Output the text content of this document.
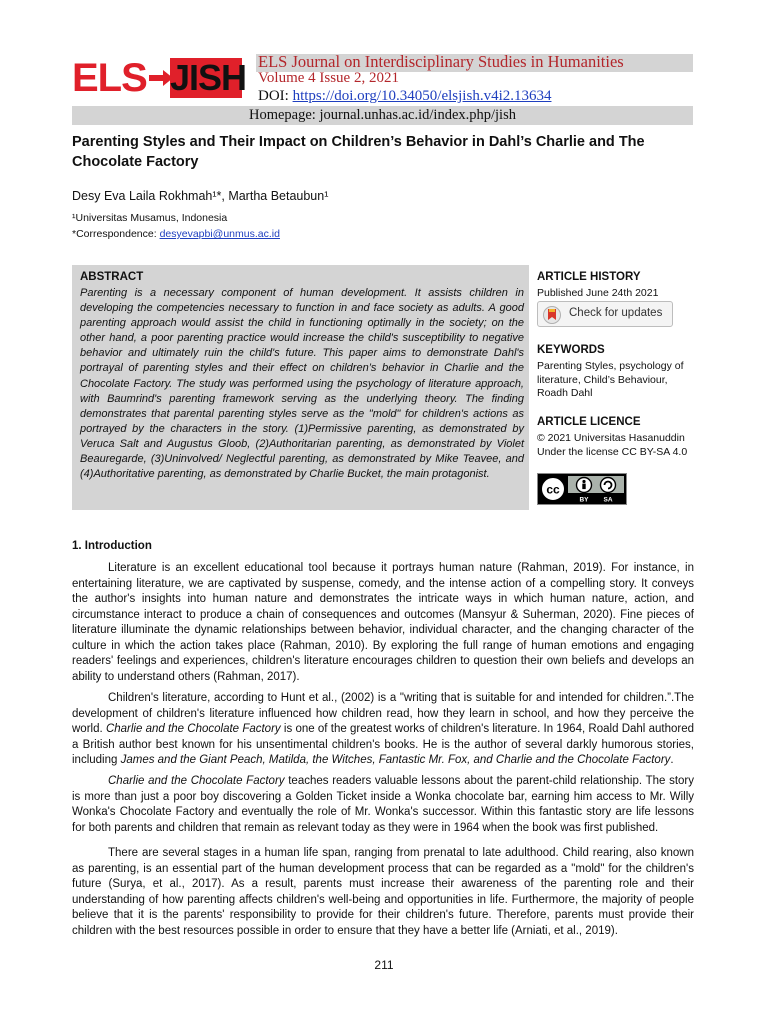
ELS JISH ELS Journal on Interdisciplinary Studies in Humanities
Volume 4 Issue 2, 2021
DOI: https://doi.org/10.34050/elsjish.v4i2.13634
Homepage: journal.unhas.ac.id/index.php/jish
Parenting Styles and Their Impact on Children’s Behavior in Dahl’s Charlie and The Chocolate Factory
Desy Eva Laila Rokhmah¹*, Martha Betaubun¹
¹Universitas Musamus, Indonesia
*Correspondence: desyevapbi@unmus.ac.id
ABSTRACT
Parenting is a necessary component of human development. It assists children in developing the competencies necessary to function in and face society as adults. A good parenting approach would assist the child in functioning optimally in the society; on the other hand, a poor parenting practice would increase the child's susceptibility to negative behavior and ultimately ruin the child's future. This paper aims to demonstrate Dahl's portrayal of parenting styles and their effect on children’s behavior in Charlie and the Chocolate Factory. The study was performed using the psychology of literature approach, with Baumrind's parenting framework serving as the underlying theory. The finding demonstrates that parental parenting styles serve as the "mold" for children's actions as portrayed by the characters in the story. (1)Permissive parenting, as demonstrated by Veruca Salt and Augustus Gloob, (2)Authoritarian parenting, as demonstrated by Violet Beauregarde, (3)Uninvolved/ Neglectful parenting, as demonstrated by Mike Teavee, and (4)Authoritative parenting, as demonstrated by Charlie Bucket, the main protagonist.
ARTICLE HISTORY
Published June 24th 2021
Check for updates
KEYWORDS
Parenting Styles, psychology of literature, Child’s Behaviour, Roadh Dahl
ARTICLE LICENCE
© 2021 Universitas Hasanuddin Under the license CC BY-SA 4.0
cc
BY SA
1. Introduction

Literature is an excellent educational tool because it portrays human nature (Rahman, 2019). For instance, in entertaining literature, we are captivated by suspense, comedy, and the intense action of a compelling story. It conveys the author's insights into human nature and demonstrates the intricate ways in which human nature, action, and circumstance interact to produce a chain of consequences and outcomes (Mansyur & Suherman, 2020). Fine pieces of literature illuminate the dynamic relationships between behavior, individual character, and the changing character of the culture in which the action takes place (Rahman, 2010). By exploring the full range of human emotions and engaging readers' feelings and experiences, children's literature encourages children to question their own beliefs and develops an ability to understand others (Rahman, 2017).

Children's literature, according to Hunt et al., (2002) is a "writing that is suitable for and intended for children.”.The development of children's literature influenced how children read, how they learn in school, and how they perceive the world. Charlie and the Chocolate Factory is one of the greatest works of children's literature. In 1964, Roald Dahl authored a British author best known for his unsentimental children's books. He is the author of several darkly humorous stories, including James and the Giant Peach, Matilda, the Witches, Fantastic Mr. Fox, and Charlie and the Chocolate Factory.

Charlie and the Chocolate Factory teaches readers valuable lessons about the parent-child relationship. The story is more than just a poor boy discovering a Golden Ticket inside a Wonka chocolate bar, earning him access to Mr. Willy Wonka's Chocolate Factory and eventually the role of Mr. Wonka's successor. Within this fantastic story are life lessons for both parents and children that remain as relevant today as they were in 1964 when the book was first published.

There are several stages in a human life span, ranging from prenatal to late adulthood. Child rearing, also known as parenting, is an essential part of the human development process that can be regarded as a "mold" for the children's future (Surya, et al., 2017). As a result, parents must increase their awareness of the parenting role and their understanding of how parenting affects children's well-being and opportunities in life. Furthermore, the majority of people believe that it is the parents' responsibility to provide for their children's future. Therefore, parents must provide their children with the best resources possible in order to ensure that they have a better life (Arniati, et al., 2019).

211
